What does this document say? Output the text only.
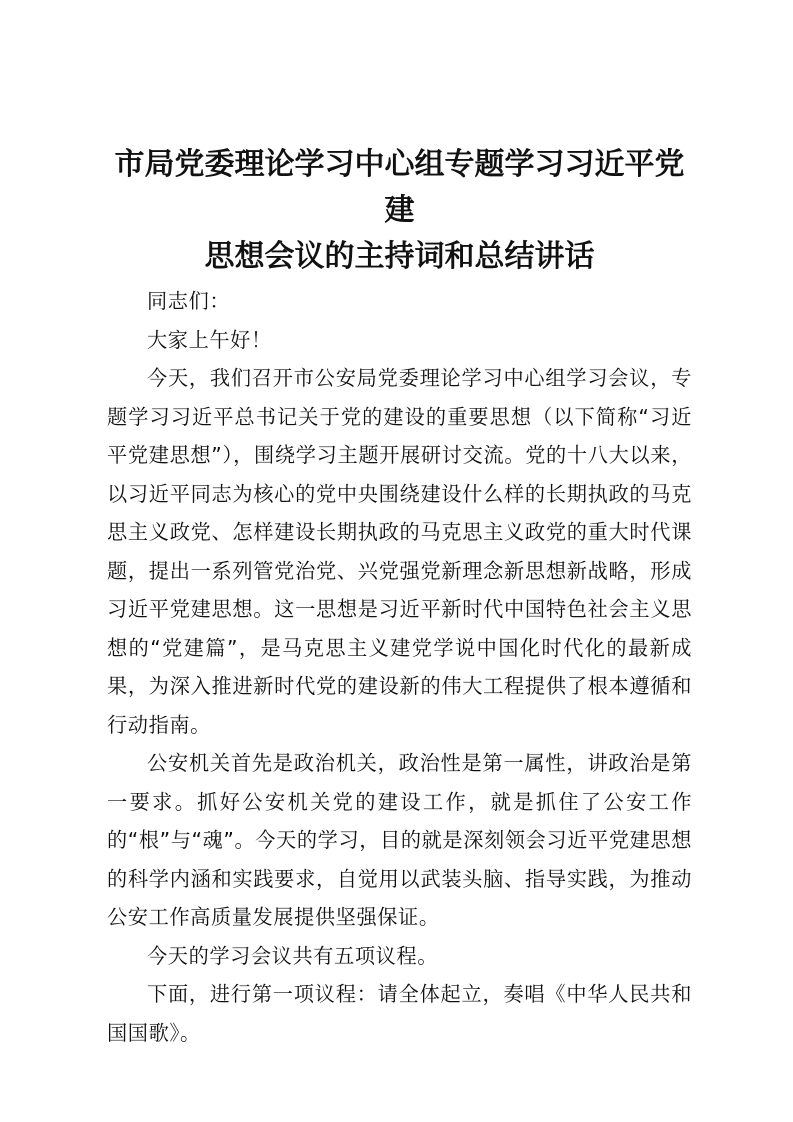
市局党委理论学习中心组专题学习习近平党建
思想会议的主持词和总结讲话

同志们：

大家上午好！

今天，我们召开市公安局党委理论学习中心组学习会议，专题学习习近平总书记关于党的建设的重要思想（以下简称“习近平党建思想”），围绕学习主题开展研讨交流。党的十八大以来，以习近平同志为核心的党中央围绕建设什么样的长期执政的马克思主义政党、怎样建设长期执政的马克思主义政党的重大时代课题，提出一系列管党治党、兴党强党新理念新思想新战略，形成习近平党建思想。这一思想是习近平新时代中国特色社会主义思想的“党建篇”，是马克思主义建党学说中国化时代化的最新成果，为深入推进新时代党的建设新的伟大工程提供了根本遵循和行动指南。

公安机关首先是政治机关，政治性是第一属性，讲政治是第一要求。抓好公安机关党的建设工作，就是抓住了公安工作的“根”与“魂”。今天的学习，目的就是深刻领会习近平党建思想的科学内涵和实践要求，自觉用以武装头脑、指导实践，为推动公安工作高质量发展提供坚强保证。

今天的学习会议共有五项议程。

下面，进行第一项议程：请全体起立，奏唱《中华人民共和国国歌》。
